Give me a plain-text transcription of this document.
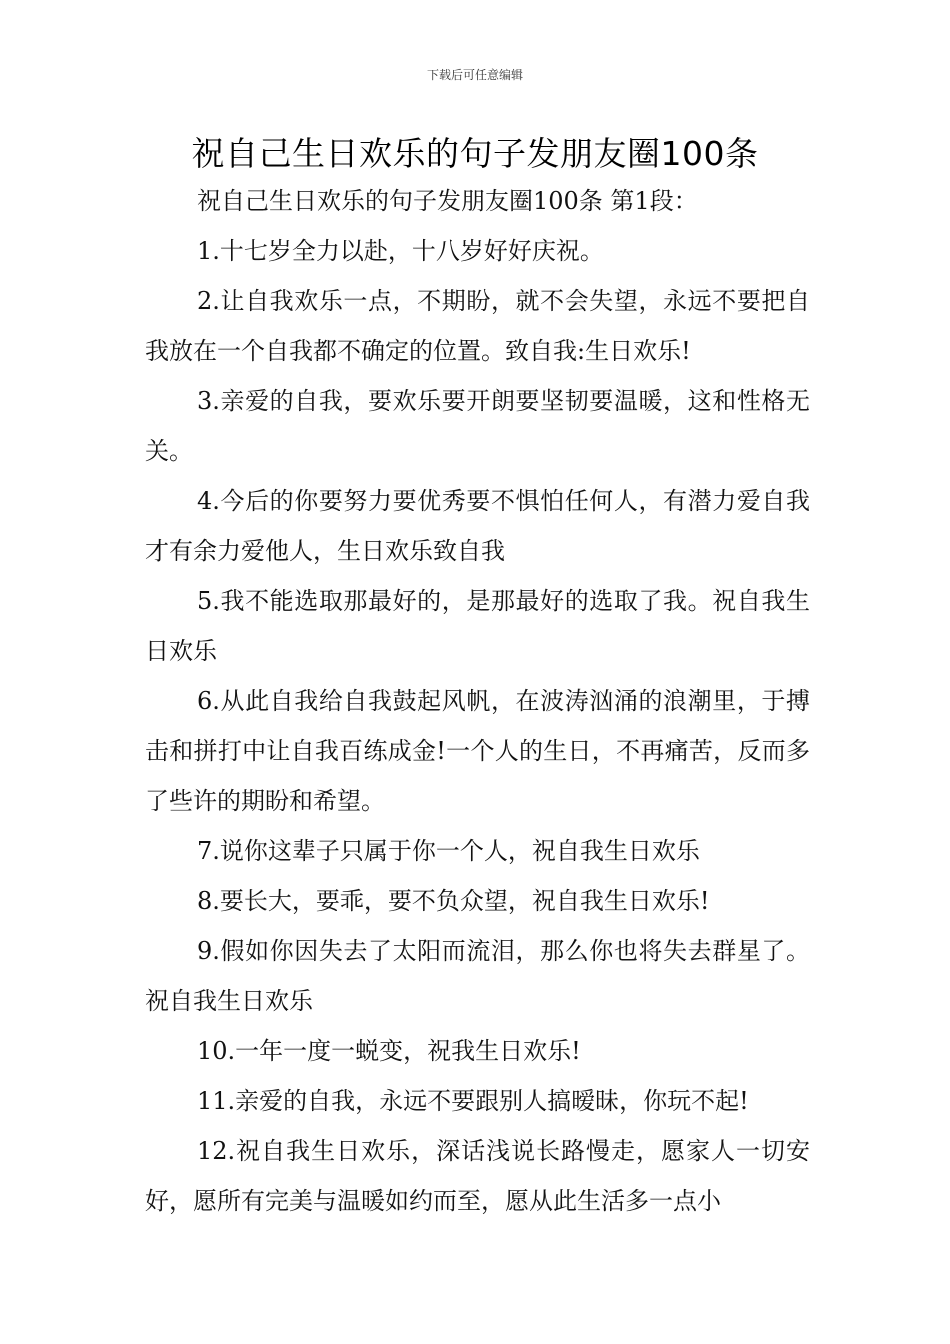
下载后可任意编辑
祝自己生日欢乐的句子发朋友圈100条

祝自己生日欢乐的句子发朋友圈100条 第1段：

1.十七岁全力以赴，十八岁好好庆祝。

2.让自我欢乐一点，不期盼，就不会失望，永远不要把自我放在一个自我都不确定的位置。致自我:生日欢乐!

3.亲爱的自我，要欢乐要开朗要坚韧要温暖，这和性格无关。

4.今后的你要努力要优秀要不惧怕任何人，有潜力爱自我才有余力爱他人，生日欢乐致自我

5.我不能选取那最好的，是那最好的选取了我。祝自我生日欢乐

6.从此自我给自我鼓起风帆，在波涛汹涌的浪潮里，于搏击和拼打中让自我百练成金!一个人的生日，不再痛苦，反而多了些许的期盼和希望。

7.说你这辈子只属于你一个人，祝自我生日欢乐

8.要长大，要乖，要不负众望，祝自我生日欢乐!

9.假如你因失去了太阳而流泪，那么你也将失去群星了。祝自我生日欢乐

10.一年一度一蜕变，祝我生日欢乐!

11.亲爱的自我，永远不要跟别人搞暧昧，你玩不起!

12.祝自我生日欢乐，深话浅说长路慢走，愿家人一切安好，愿所有完美与温暖如约而至，愿从此生活多一点小
